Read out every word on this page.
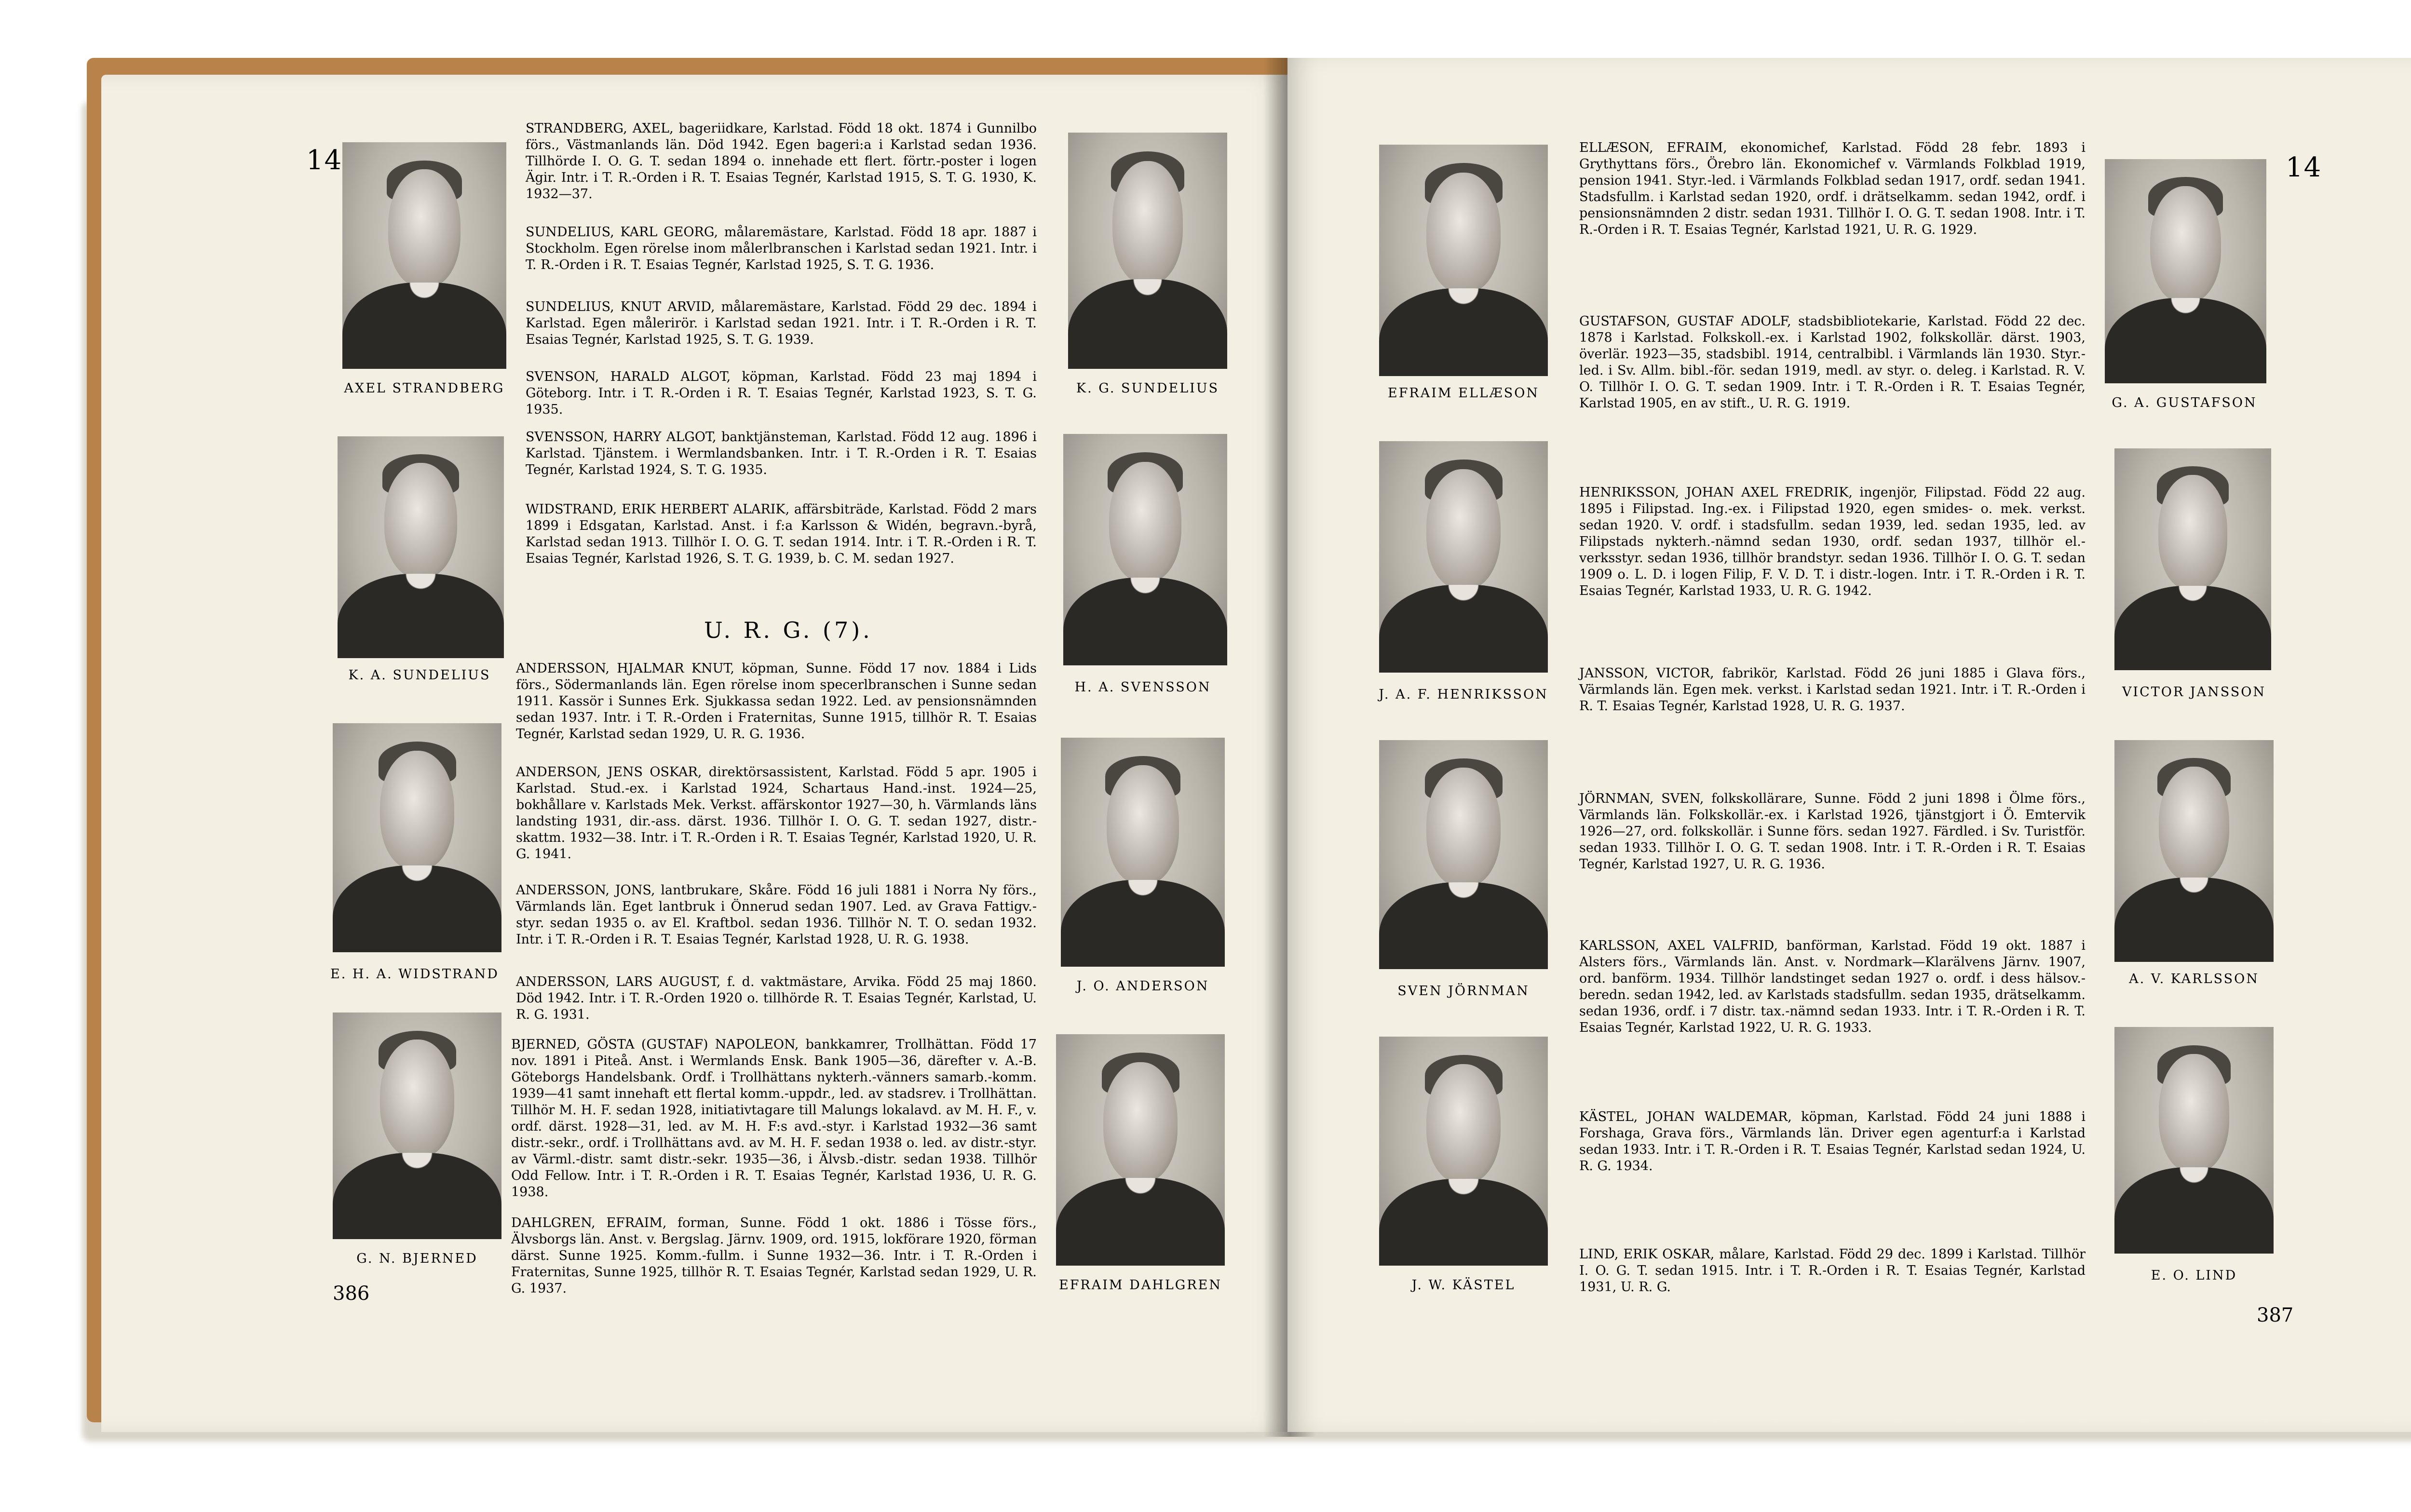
14
AXEL STRANDBERG	K. G. SUNDELIUS
K. A. SUNDELIUS
H. A. SVENSSON
E. H. A. WIDSTRAND
J. O. ANDERSON
G. N. BJERNED
EFRAIM DAHLGREN
STRANDBERG, AXEL, bageriidkare, Karlstad. Född 18 okt. 1874 i Gunnilbo förs., Västmanlands län. Död 1942. Egen bageri:a i Karlstad sedan 1936. Tillhörde I. O. G. T. sedan 1894 o. innehade ett flert. förtr.-poster i logen Ägir. Intr. i T. R.-Orden i R. T. Esaias Tegnér, Karlstad 1915, S. T. G. 1930, K. 1932—37.
SUNDELIUS, KARL GEORG, målaremästare, Karlstad. Född 18 apr. 1887 i Stockholm. Egen rörelse inom målerlbranschen i Karlstad sedan 1921. Intr. i T. R.-Orden i R. T. Esaias Tegnér, Karlstad 1925, S. T. G. 1936.
SUNDELIUS, KNUT ARVID, målaremästare, Karlstad. Född 29 dec. 1894 i Karlstad. Egen målerirör. i Karlstad sedan 1921. Intr. i T. R.-Orden i R. T. Esaias Tegnér, Karlstad 1925, S. T. G. 1939.
SVENSON, HARALD ALGOT, köpman, Karlstad. Född 23 maj 1894 i Göteborg. Intr. i T. R.-Orden i R. T. Esaias Tegnér, Karlstad 1923, S. T. G. 1935.
SVENSSON, HARRY ALGOT, banktjänsteman, Karlstad. Född 12 aug. 1896 i Karlstad. Tjänstem. i Wermlandsbanken. Intr. i T. R.-Orden i R. T. Esaias Tegnér, Karlstad 1924, S. T. G. 1935.
WIDSTRAND, ERIK HERBERT ALARIK, affärsbiträde, Karlstad. Född 2 mars 1899 i Edsgatan, Karlstad. Anst. i f:a Karlsson & Widén, begravn.-byrå, Karlstad sedan 1913. Tillhör I. O. G. T. sedan 1914. Intr. i T. R.-Orden i R. T. Esaias Tegnér, Karlstad 1926, S. T. G. 1939, b. C. M. sedan 1927.
U. R. G. (7).
ANDERSSON, HJALMAR KNUT, köpman, Sunne. Född 17 nov. 1884 i Lids förs., Södermanlands län. Egen rörelse inom specerlbranschen i Sunne sedan 1911. Kassör i Sunnes Erk. Sjukkassa sedan 1922. Led. av pensionsnämnden sedan 1937. Intr. i T. R.-Orden i Fraternitas, Sunne 1915, tillhör R. T. Esaias Tegnér, Karlstad sedan 1929, U. R. G. 1936.
ANDERSON, JENS OSKAR, direktörsassistent, Karlstad. Född 5 apr. 1905 i Karlstad. Stud.-ex. i Karlstad 1924, Schartaus Hand.-inst. 1924—25, bokhållare v. Karlstads Mek. Verkst. affärskontor 1927—30, h. Värmlands läns landsting 1931, dir.-ass. därst. 1936. Tillhör I. O. G. T. sedan 1927, distr.-skattm. 1932—38. Intr. i T. R.-Orden i R. T. Esaias Tegnér, Karlstad 1920, U. R. G. 1941.
ANDERSSON, JONS, lantbrukare, Skåre. Född 16 juli 1881 i Norra Ny förs., Värmlands län. Eget lantbruk i Önnerud sedan 1907. Led. av Grava Fattigv.-styr. sedan 1935 o. av El. Kraftbol. sedan 1936. Tillhör N. T. O. sedan 1932. Intr. i T. R.-Orden i R. T. Esaias Tegnér, Karlstad 1928, U. R. G. 1938.
ANDERSSON, LARS AUGUST, f. d. vaktmästare, Arvika. Född 25 maj 1860. Död 1942. Intr. i T. R.-Orden 1920 o. tillhörde R. T. Esaias Tegnér, Karlstad, U. R. G. 1931.
BJERNED, GÖSTA (GUSTAF) NAPOLEON, bankkamrer, Trollhättan. Född 17 nov. 1891 i Piteå. Anst. i Wermlands Ensk. Bank 1905—36, därefter v. A.-B. Göteborgs Handelsbank. Ordf. i Trollhättans nykterh.-vänners samarb.-komm. 1939—41 samt innehaft ett flertal komm.-uppdr., led. av stadsrev. i Trollhättan. Tillhör M. H. F. sedan 1928, initiativtagare till Malungs lokalavd. av M. H. F., v. ordf. därst. 1928—31, led. av M. H. F:s avd.-styr. i Karlstad 1932—36 samt distr.-sekr., ordf. i Trollhättans avd. av M. H. F. sedan 1938 o. led. av distr.-styr. av Värml.-distr. samt distr.-sekr. 1935—36, i Älvsb.-distr. sedan 1938. Tillhör Odd Fellow. Intr. i T. R.-Orden i R. T. Esaias Tegnér, Karlstad 1936, U. R. G. 1938.
DAHLGREN, EFRAIM, forman, Sunne. Född 1 okt. 1886 i Tösse förs., Älvsborgs län. Anst. v. Bergslag. Järnv. 1909, ord. 1915, lokförare 1920, förman därst. Sunne 1925. Komm.-fullm. i Sunne 1932—36. Intr. i T. R.-Orden i Fraternitas, Sunne 1925, tillhör R. T. Esaias Tegnér, Karlstad sedan 1929, U. R. G. 1937.
386
14
EFRAIM ELLÆSON
G. A. GUSTAFSON
J. A. F. HENRIKSSON	VICTOR JANSSON
SVEN JÖRNMAN
A. V. KARLSSON
J. W. KÄSTEL
E. O. LIND
ELLÆSON, EFRAIM, ekonomichef, Karlstad. Född 28 febr. 1893 i Grythyttans förs., Örebro län. Ekonomichef v. Värmlands Folkblad 1919, pension 1941. Styr.-led. i Värmlands Folkblad sedan 1917, ordf. sedan 1941. Stadsfullm. i Karlstad sedan 1920, ordf. i drätselkamm. sedan 1942, ordf. i pensionsnämnden 2 distr. sedan 1931. Tillhör I. O. G. T. sedan 1908. Intr. i T. R.-Orden i R. T. Esaias Tegnér, Karlstad 1921, U. R. G. 1929.
GUSTAFSON, GUSTAF ADOLF, stadsbibliotekarie, Karlstad. Född 22 dec. 1878 i Karlstad. Folkskoll.-ex. i Karlstad 1902, folkskollär. därst. 1903, överlär. 1923—35, stadsbibl. 1914, centralbibl. i Värmlands län 1930. Styr.-led. i Sv. Allm. bibl.-för. sedan 1919, medl. av styr. o. deleg. i Karlstad. R. V. O. Tillhör I. O. G. T. sedan 1909. Intr. i T. R.-Orden i R. T. Esaias Tegnér, Karlstad 1905, en av stift., U. R. G. 1919.
HENRIKSSON, JOHAN AXEL FREDRIK, ingenjör, Filipstad. Född 22 aug. 1895 i Filipstad. Ing.-ex. i Filipstad 1920, egen smides- o. mek. verkst. sedan 1920. V. ordf. i stadsfullm. sedan 1939, led. sedan 1935, led. av Filipstads nykterh.-nämnd sedan 1930, ordf. sedan 1937, tillhör el.-verksstyr. sedan 1936, tillhör brandstyr. sedan 1936. Tillhör I. O. G. T. sedan 1909 o. L. D. i logen Filip, F. V. D. T. i distr.-logen. Intr. i T. R.-Orden i R. T. Esaias Tegnér, Karlstad 1933, U. R. G. 1942.
JANSSON, VICTOR, fabrikör, Karlstad. Född 26 juni 1885 i Glava förs., Värmlands län. Egen mek. verkst. i Karlstad sedan 1921. Intr. i T. R.-Orden i R. T. Esaias Tegnér, Karlstad 1928, U. R. G. 1937.
JÖRNMAN, SVEN, folkskollärare, Sunne. Född 2 juni 1898 i Ölme förs., Värmlands län. Folkskollär.-ex. i Karlstad 1926, tjänstgjort i Ö. Emtervik 1926—27, ord. folkskollär. i Sunne förs. sedan 1927. Färdled. i Sv. Turistför. sedan 1933. Tillhör I. O. G. T. sedan 1908. Intr. i T. R.-Orden i R. T. Esaias Tegnér, Karlstad 1927, U. R. G. 1936.
KARLSSON, AXEL VALFRID, banförman, Karlstad. Född 19 okt. 1887 i Alsters förs., Värmlands län. Anst. v. Nordmark—Klarälvens Järnv. 1907, ord. banförm. 1934. Tillhör landstinget sedan 1927 o. ordf. i dess hälsov.-beredn. sedan 1942, led. av Karlstads stadsfullm. sedan 1935, drätselkamm. sedan 1936, ordf. i 7 distr. tax.-nämnd sedan 1933. Intr. i T. R.-Orden i R. T. Esaias Tegnér, Karlstad 1922, U. R. G. 1933.
KÄSTEL, JOHAN WALDEMAR, köpman, Karlstad. Född 24 juni 1888 i Forshaga, Grava förs., Värmlands län. Driver egen agenturf:a i Karlstad sedan 1933. Intr. i T. R.-Orden i R. T. Esaias Tegnér, Karlstad sedan 1924, U. R. G. 1934.
LIND, ERIK OSKAR, målare, Karlstad. Född 29 dec. 1899 i Karlstad. Tillhör I. O. G. T. sedan 1915. Intr. i T. R.-Orden i R. T. Esaias Tegnér, Karlstad 1931, U. R. G.
387
